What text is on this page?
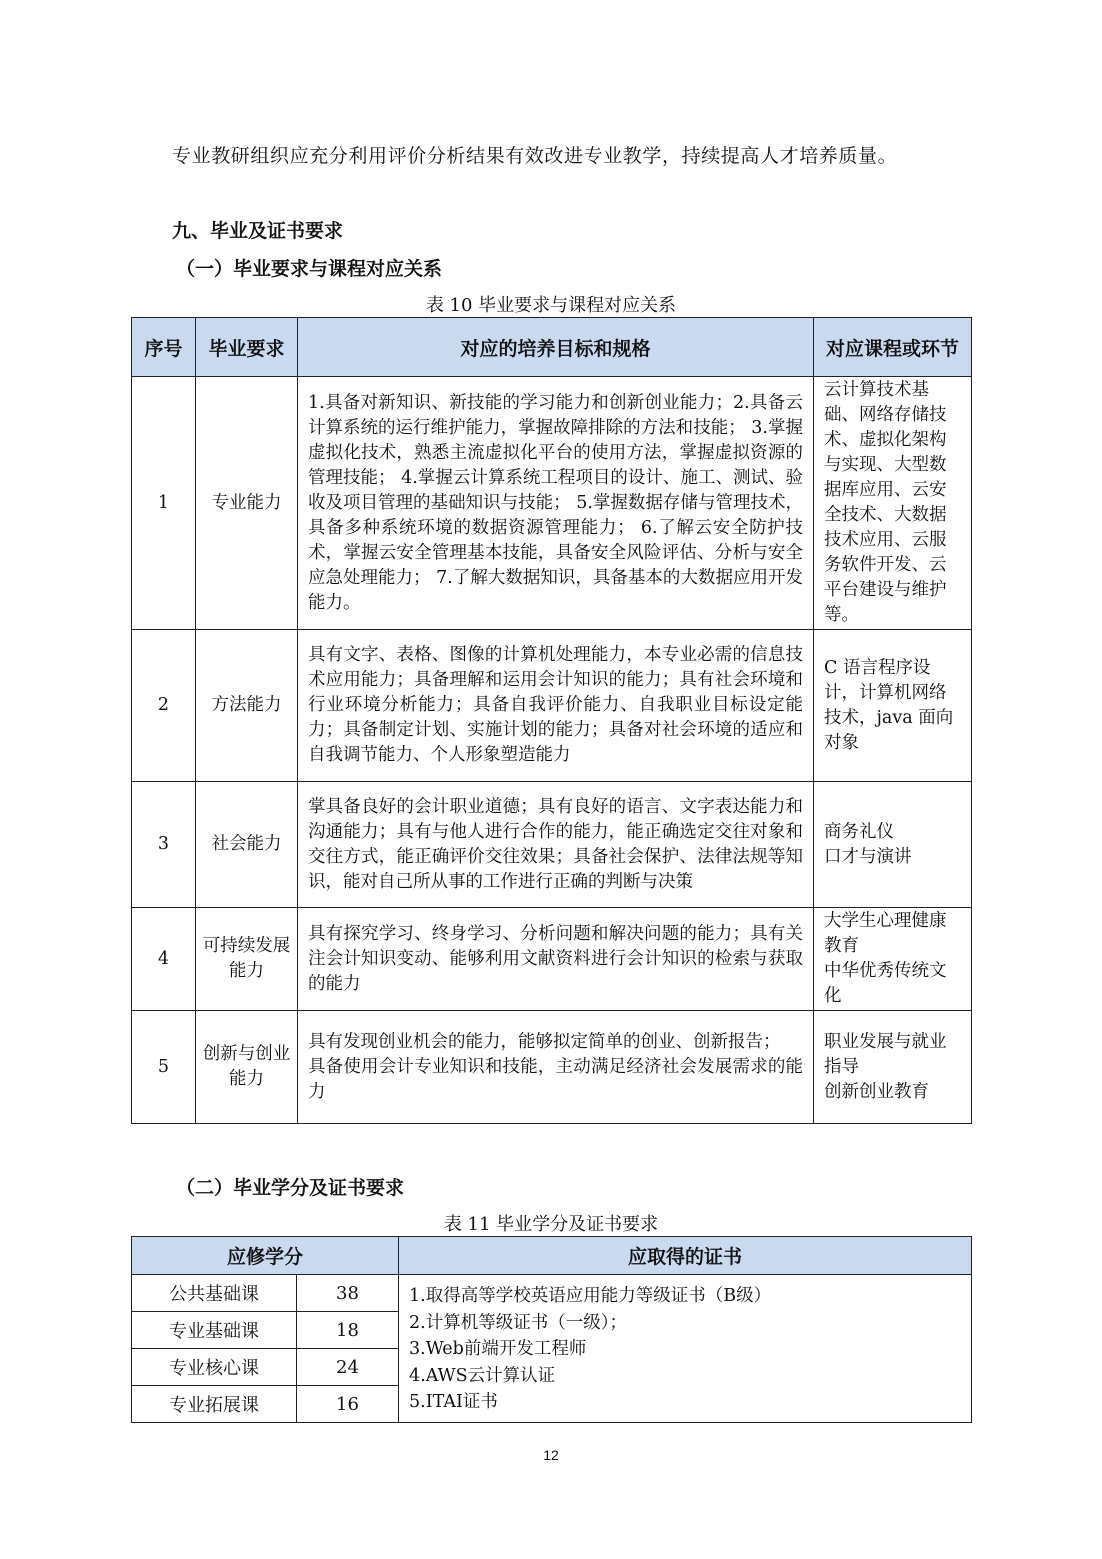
专业教研组织应充分利用评价分析结果有效改进专业教学，持续提高人才培养质量。
九、毕业及证书要求
（一）毕业要求与课程对应关系
表 10 毕业要求与课程对应关系
序号	毕业要求	对应的培养目标和规格	对应课程或环节
1	专业能力	1.具备对新知识、新技能的学习能力和创新创业能力；2.具备云计算系统的运行维护能力，掌握故障排除的方法和技能； 3.掌握虚拟化技术，熟悉主流虚拟化平台的使用方法，掌握虚拟资源的管理技能； 4.掌握云计算系统工程项目的设计、施工、测试、验收及项目管理的基础知识与技能； 5.掌握数据存储与管理技术，具备多种系统环境的数据资源管理能力； 6.了解云安全防护技术，掌握云安全管理基本技能，具备安全风险评估、分析与安全应急处理能力； 7.了解大数据知识，具备基本的大数据应用开发能力。	云计算技术基础、网络存储技术、虚拟化架构与实现、大型数据库应用、云安全技术、大数据技术应用、云服务软件开发、云平台建设与维护等。
2	方法能力	具有文字、表格、图像的计算机处理能力，本专业必需的信息技术应用能力；具备理解和运用会计知识的能力；具有社会环境和行业环境分析能力；具备自我评价能力、自我职业目标设定能力；具备制定计划、实施计划的能力；具备对社会环境的适应和自我调节能力、个人形象塑造能力	C 语言程序设计，计算机网络技术，java 面向对象
3	社会能力	掌具备良好的会计职业道德；具有良好的语言、文字表达能力和沟通能力；具有与他人进行合作的能力，能正确选定交往对象和交往方式，能正确评价交往效果；具备社会保护、法律法规等知识，能对自己所从事的工作进行正确的判断与决策	商务礼仪
口才与演讲
4	可持续发展能力	具有探究学习、终身学习、分析问题和解决问题的能力；具有关注会计知识变动、能够利用文献资料进行会计知识的检索与获取的能力	大学生心理健康教育
中华优秀传统文化
5	创新与创业能力	具有发现创业机会的能力，能够拟定简单的创业、创新报告；
具备使用会计专业知识和技能，主动满足经济社会发展需求的能力	职业发展与就业指导
创新创业教育
（二）毕业学分及证书要求
表 11 毕业学分及证书要求
应修学分		应取得的证书
公共基础课	38	1.取得高等学校英语应用能力等级证书（B级）
2.计算机等级证书（一级）；
3.Web前端开发工程师
4.AWS云计算认证
5.ITAI证书

专业基础课	18	
专业核心课	24	
专业拓展课	16	
12
